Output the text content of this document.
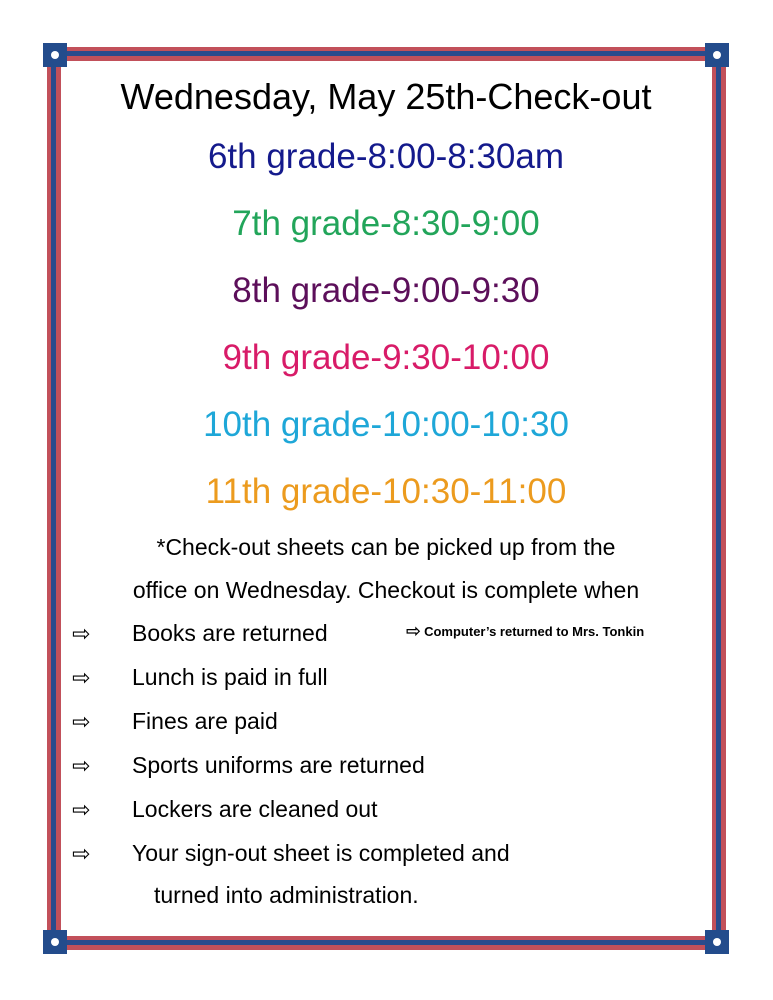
Wednesday, May 25th-Check-out
6th grade-8:00-8:30am
7th grade-8:30-9:00
8th grade-9:00-9:30
9th grade-9:30-10:00
10th grade-10:00-10:30
11th grade-10:30-11:00
*Check-out sheets can be picked up from the
office on Wednesday. Checkout is complete when
⇨	Books are returned	⇨ Computer’s returned to Mrs. Tonkin
⇨	Lunch is paid in full
⇨	Fines are paid
⇨	Sports uniforms are returned
⇨	Lockers are cleaned out
⇨	Your sign-out sheet is completed and
turned into administration.
